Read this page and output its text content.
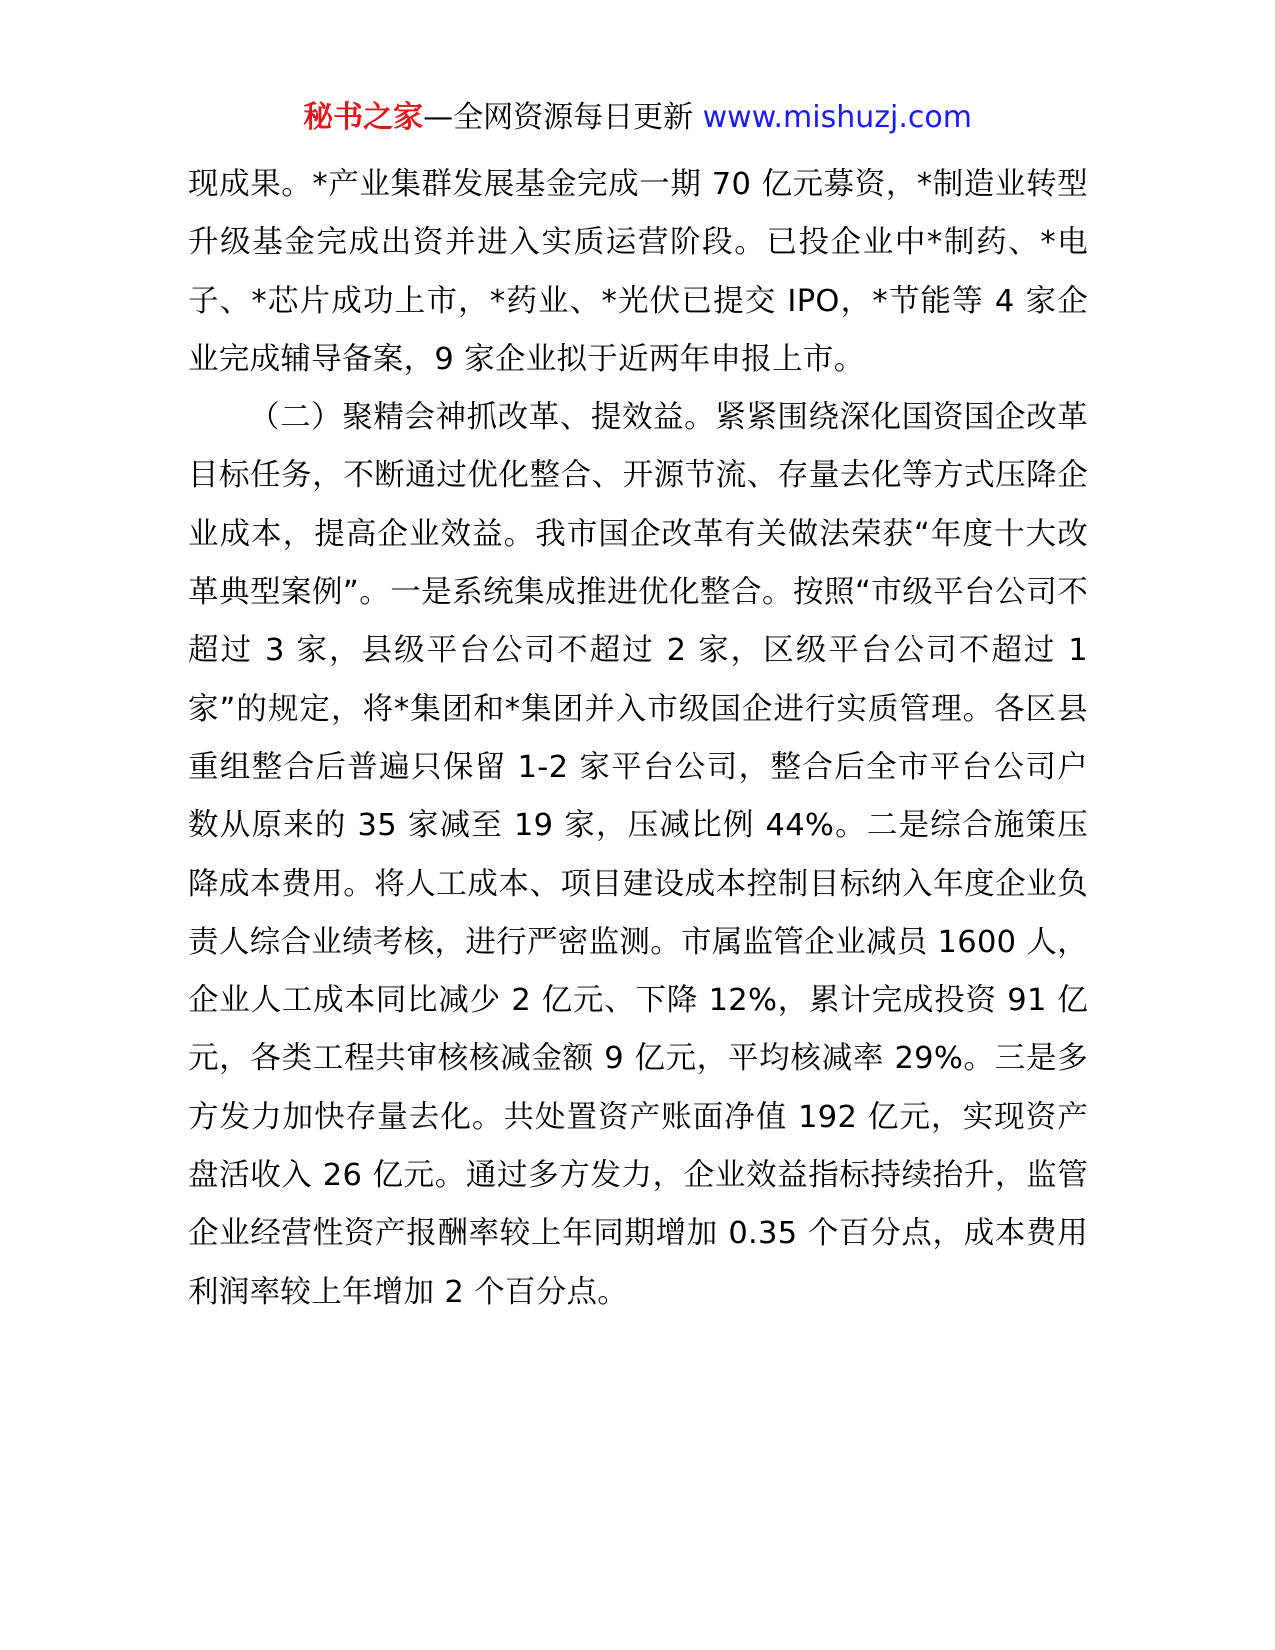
秘书之家—全网资源每日更新 www.mishuzj.com

现成果。*产业集群发展基金完成一期 70 亿元募资，*制造业转型升级基金完成出资并进入实质运营阶段。已投企业中*制药、*电子、*芯片成功上市，*药业、*光伏已提交 IPO，*节能等 4 家企业完成辅导备案，9 家企业拟于近两年申报上市。

（二）聚精会神抓改革、提效益。紧紧围绕深化国资国企改革目标任务，不断通过优化整合、开源节流、存量去化等方式压降企业成本，提高企业效益。我市国企改革有关做法荣获“年度十大改革典型案例”。一是系统集成推进优化整合。按照“市级平台公司不超过 3 家，县级平台公司不超过 2 家，区级平台公司不超过 1 家”的规定，将*集团和*集团并入市级国企进行实质管理。各区县重组整合后普遍只保留 1-2 家平台公司，整合后全市平台公司户数从原来的 35 家减至 19 家，压减比例 44%。二是综合施策压降成本费用。将人工成本、项目建设成本控制目标纳入年度企业负责人综合业绩考核，进行严密监测。市属监管企业减员 1600 人，企业人工成本同比减少 2 亿元、下降 12%，累计完成投资 91 亿元，各类工程共审核核减金额 9 亿元，平均核减率 29%。三是多方发力加快存量去化。共处置资产账面净值 192 亿元，实现资产盘活收入 26 亿元。通过多方发力，企业效益指标持续抬升，监管企业经营性资产报酬率较上年同期增加 0.35 个百分点，成本费用利润率较上年增加 2 个百分点。
